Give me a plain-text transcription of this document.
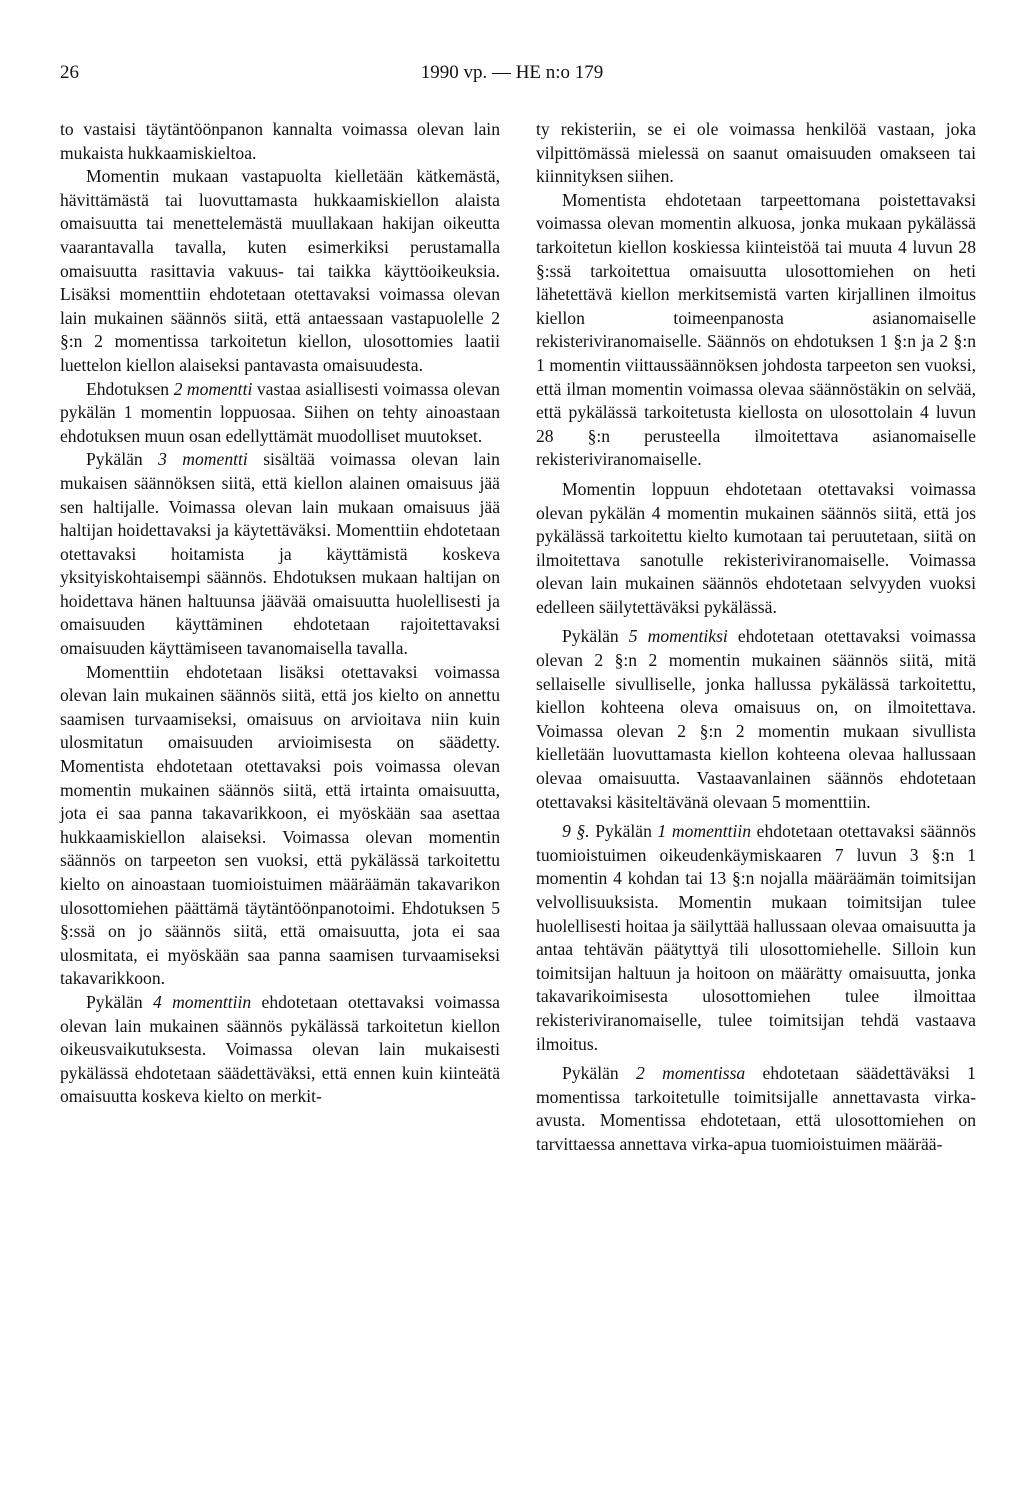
26	1990 vp. — HE n:o 179

to vastaisi täytäntöönpanon kannalta voimassa olevan lain mukaista hukkaamiskieltoa.

Momentin mukaan vastapuolta kielletään kätkemästä, hävittämästä tai luovuttamasta hukkaamiskiellon alaista omaisuutta tai menettelemästä muullakaan hakijan oikeutta vaarantavalla tavalla, kuten esimerkiksi perustamalla omaisuutta rasittavia vakuus- tai taikka käyttöoikeuksia. Lisäksi momenttiin ehdotetaan otettavaksi voimassa olevan lain mukainen säännös siitä, että antaessaan vastapuolelle 2 §:n 2 momentissa tarkoitetun kiellon, ulosottomies laatii luettelon kiellon alaiseksi pantavasta omaisuudesta.

Ehdotuksen 2 momentti vastaa asiallisesti voimassa olevan pykälän 1 momentin loppuosaa. Siihen on tehty ainoastaan ehdotuksen muun osan edellyttämät muodolliset muutokset.

Pykälän 3 momentti sisältää voimassa olevan lain mukaisen säännöksen siitä, että kiellon alainen omaisuus jää sen haltijalle. Voimassa olevan lain mukaan omaisuus jää haltijan hoidettavaksi ja käytettäväksi. Momenttiin ehdotetaan otettavaksi hoitamista ja käyttämistä koskeva yksityiskohtaisempi säännös. Ehdotuksen mukaan haltijan on hoidettava hänen haltuunsa jäävää omaisuutta huolellisesti ja omaisuuden käyttäminen ehdotetaan rajoitettavaksi omaisuuden käyttämiseen tavanomaisella tavalla.

Momenttiin ehdotetaan lisäksi otettavaksi voimassa olevan lain mukainen säännös siitä, että jos kielto on annettu saamisen turvaamiseksi, omaisuus on arvioitava niin kuin ulosmitatun omaisuuden arvioimisesta on säädetty. Momentista ehdotetaan otettavaksi pois voimassa olevan momentin mukainen säännös siitä, että irtainta omaisuutta, jota ei saa panna takavarikkoon, ei myöskään saa asettaa hukkaamiskiellon alaiseksi. Voimassa olevan momentin säännös on tarpeeton sen vuoksi, että pykälässä tarkoitettu kielto on ainoastaan tuomioistuimen määräämän takavarikon ulosottomiehen päättämä täytäntöönpanotoimi. Ehdotuksen 5 §:ssä on jo säännös siitä, että omaisuutta, jota ei saa ulosmitata, ei myöskään saa panna saamisen turvaamiseksi takavarikkoon.

Pykälän 4 momenttiin ehdotetaan otettavaksi voimassa olevan lain mukainen säännös pykälässä tarkoitetun kiellon oikeusvaikutuksesta. Voimassa olevan lain mukaisesti pykälässä ehdotetaan säädettäväksi, että ennen kuin kiinteätä omaisuutta koskeva kielto on merkit-

ty rekisteriin, se ei ole voimassa henkilöä vastaan, joka vilpittömässä mielessä on saanut omaisuuden omakseen tai kiinnityksen siihen.

Momentista ehdotetaan tarpeettomana poistettavaksi voimassa olevan momentin alkuosa, jonka mukaan pykälässä tarkoitetun kiellon koskiessa kiinteistöä tai muuta 4 luvun 28 §:ssä tarkoitettua omaisuutta ulosottomiehen on heti lähetettävä kiellon merkitsemistä varten kirjallinen ilmoitus kiellon toimeenpanosta asianomaiselle rekisteriviranomaiselle. Säännös on ehdotuksen 1 §:n ja 2 §:n 1 momentin viittaussäännöksen johdosta tarpeeton sen vuoksi, että ilman momentin voimassa olevaa säännöstäkin on selvää, että pykälässä tarkoitetusta kiellosta on ulosottolain 4 luvun 28 §:n perusteella ilmoitettava asianomaiselle rekisteriviranomaiselle.

Momentin loppuun ehdotetaan otettavaksi voimassa olevan pykälän 4 momentin mukainen säännös siitä, että jos pykälässä tarkoitettu kielto kumotaan tai peruutetaan, siitä on ilmoitettava sanotulle rekisteriviranomaiselle. Voimassa olevan lain mukainen säännös ehdotetaan selvyyden vuoksi edelleen säilytettäväksi pykälässä.

Pykälän 5 momentiksi ehdotetaan otettavaksi voimassa olevan 2 §:n 2 momentin mukainen säännös siitä, mitä sellaiselle sivulliselle, jonka hallussa pykälässä tarkoitettu, kiellon kohteena oleva omaisuus on, on ilmoitettava. Voimassa olevan 2 §:n 2 momentin mukaan sivullista kielletään luovuttamasta kiellon kohteena olevaa hallussaan olevaa omaisuutta. Vastaavanlainen säännös ehdotetaan otettavaksi käsiteltävänä olevaan 5 momenttiin.

9 §. Pykälän 1 momenttiin ehdotetaan otettavaksi säännös tuomioistuimen oikeudenkäymiskaaren 7 luvun 3 §:n 1 momentin 4 kohdan tai 13 §:n nojalla määräämän toimitsijan velvollisuuksista. Momentin mukaan toimitsijan tulee huolellisesti hoitaa ja säilyttää hallussaan olevaa omaisuutta ja antaa tehtävän päätyttyä tili ulosottomiehelle. Silloin kun toimitsijan haltuun ja hoitoon on määrätty omaisuutta, jonka takavarikoimisesta ulosottomiehen tulee ilmoittaa rekisteriviranomaiselle, tulee toimitsijan tehdä vastaava ilmoitus.

Pykälän 2 momentissa ehdotetaan säädettäväksi 1 momentissa tarkoitetulle toimitsijalle annettavasta virka-avusta. Momentissa ehdotetaan, että ulosottomiehen on tarvittaessa annettava virka-apua tuomioistuimen määrää-
